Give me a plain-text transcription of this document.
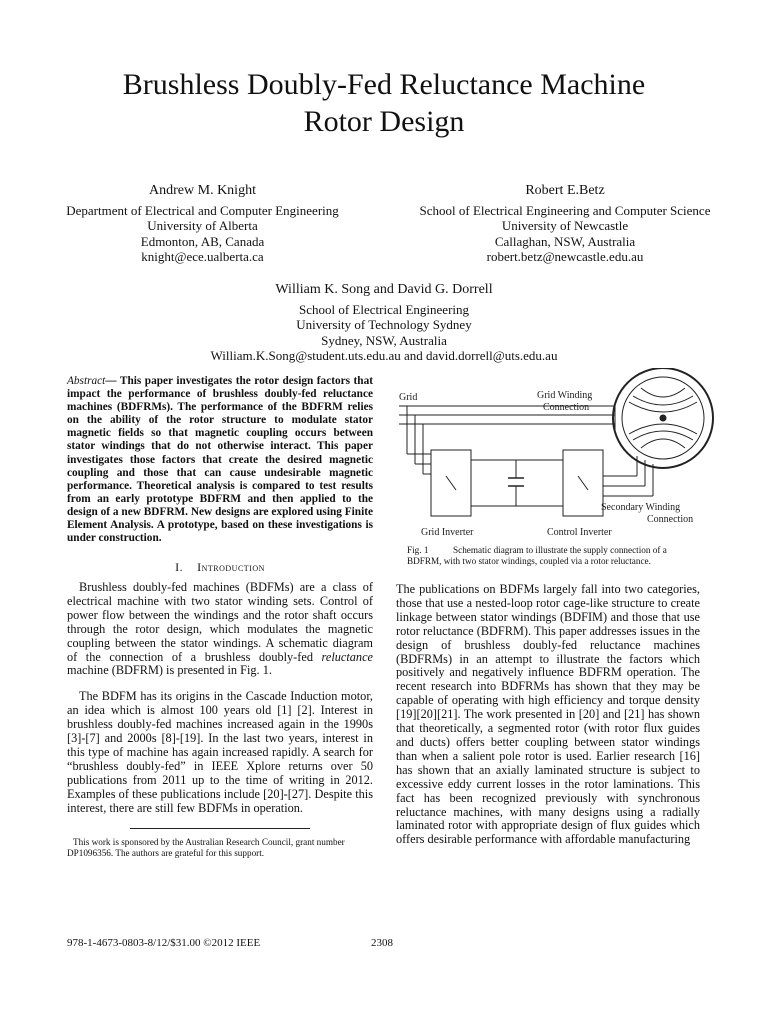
Brushless Doubly-Fed Reluctance Machine
Rotor Design
Andrew M. Knight
Department of Electrical and Computer Engineering
University of Alberta
Edmonton, AB, Canada
knight@ece.ualberta.ca
Robert E.Betz
School of Electrical Engineering and Computer Science
University of Newcastle
Callaghan, NSW, Australia
robert.betz@newcastle.edu.au
William K. Song and David G. Dorrell
School of Electrical Engineering
University of Technology Sydney
Sydney, NSW, Australia
William.K.Song@student.uts.edu.au and david.dorrell@uts.edu.au
Abstract— This paper investigates the rotor design factors that impact the performance of brushless doubly-fed reluctance machines (BDFRMs). The performance of the BDFRM relies on the ability of the rotor structure to modulate stator magnetic fields so that magnetic coupling occurs between stator windings that do not otherwise interact. This paper investigates those factors that create the desired magnetic coupling and those that can cause undesirable magnetic performance. Theoretical analysis is compared to test results from an early prototype BDFRM and then applied to the design of a new BDFRM. New designs are explored using Finite Element Analysis. A prototype, based on these investigations is under construction.
I. Introduction

Brushless doubly-fed machines (BDFMs) are a class of electrical machine with two stator winding sets. Control of power flow between the windings and the rotor shaft occurs through the rotor design, which modulates the magnetic coupling between the stator windings. A schematic diagram of the connection of a brushless doubly-fed reluctance machine (BDFRM) is presented in Fig. 1.

The BDFM has its origins in the Cascade Induction motor, an idea which is almost 100 years old [1] [2]. Interest in brushless doubly-fed machines increased again in the 1990s [3]-[7] and 2000s [8]-[19]. In the last two years, interest in this type of machine has again increased rapidly. A search for “brushless doubly-fed” in IEEE Xplore returns over 50 publications from 2011 up to the time of writing in 2012. Examples of these publications include [20]-[27]. Despite this interest, there are still few BDFMs in operation.

This work is sponsored by the Australian Research Council, grant number
DP1096356. The authors are grateful for this support.
Grid	Grid Winding
Connection
Secondary Winding
Connection
Grid Inverter	Control Inverter
Fig. 1	Schematic diagram to illustrate the supply connection of a
BDFRM, with two stator windings, coupled via a rotor reluctance.

The publications on BDFMs largely fall into two categories, those that use a nested-loop rotor cage-like structure to create linkage between stator windings (BDFIM) and those that use rotor reluctance (BDFRM). This paper addresses issues in the design of brushless doubly-fed reluctance machines (BDFRMs) in an attempt to illustrate the factors which positively and negatively influence BDFRM operation. The recent research into BDFRMs has shown that they may be capable of operating with high efficiency and torque density [19][20][21]. The work presented in [20] and [21] has shown that theoretically, a segmented rotor (with rotor flux guides and ducts) offers better coupling between stator windings than when a salient pole rotor is used. Earlier research [16] has shown that an axially laminated structure is subject to excessive eddy current losses in the rotor laminations. This fact has been recognized previously with synchronous reluctance machines, with many designs using a radially laminated rotor with appropriate design of flux guides which offers desirable performance with affordable manufacturing

978-1-4673-0803-8/12/$31.00 ©2012 IEEE	2308
